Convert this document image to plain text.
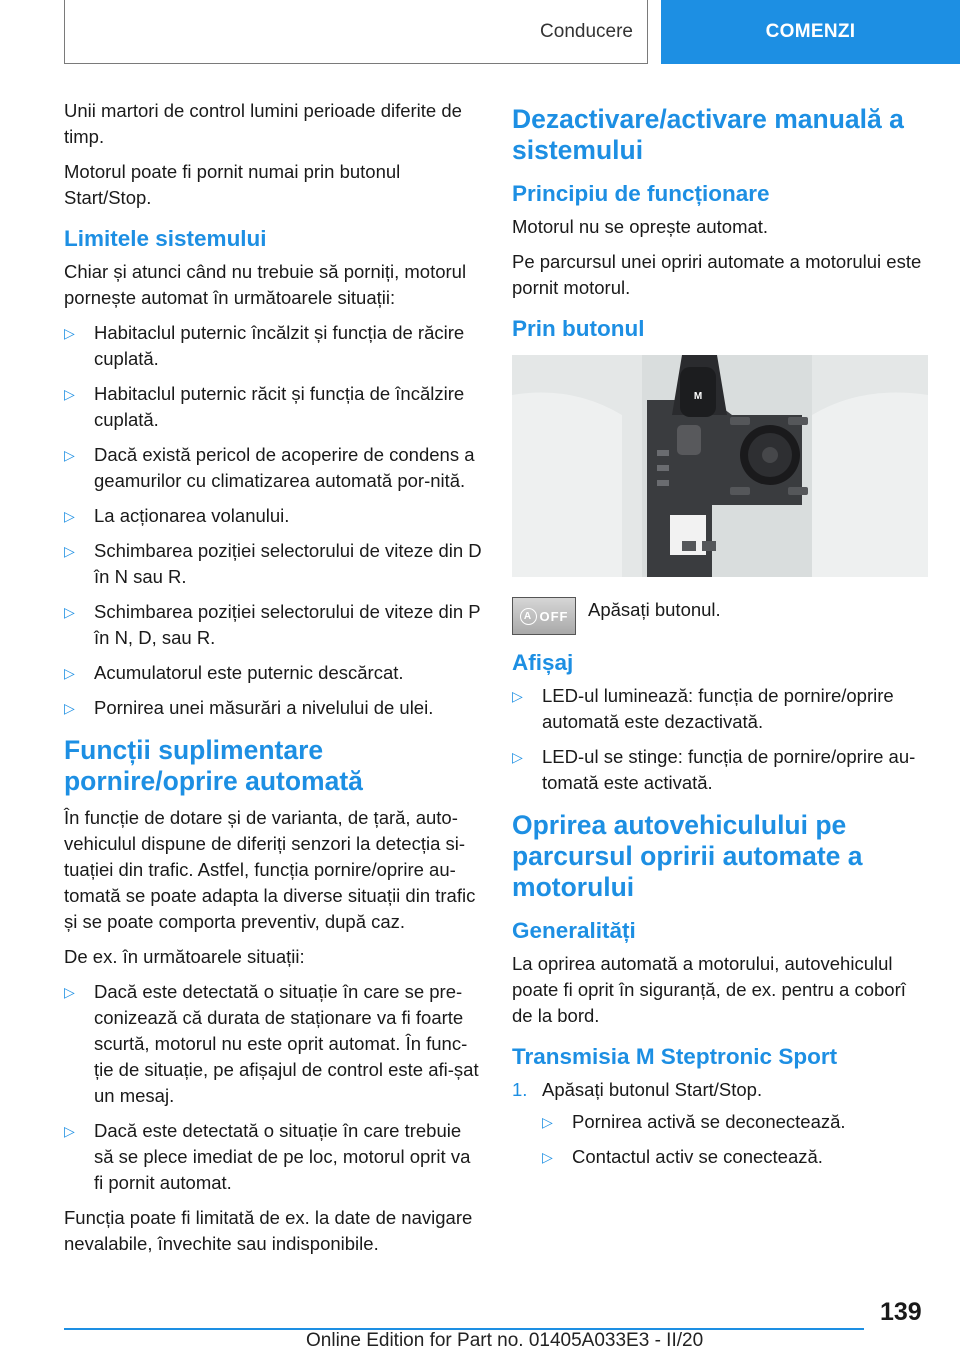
Conducere	COMENZI

Unii martori de control lumini perioade diferite de timp.

Motorul poate fi pornit numai prin butonul Start/Stop.

Limitele sistemului

Chiar și atunci când nu trebuie să porniți, motorul pornește automat în următoarele situații:

▷ Habitaclul puternic încălzit și funcția de răcire cuplată.
▷ Habitaclul puternic răcit și funcția de încălzire cuplată.
▷ Dacă există pericol de acoperire de condens a geamurilor cu climatizarea automată por-nită.
▷ La acționarea volanului.
▷ Schimbarea poziției selectorului de viteze din D în N sau R.
▷ Schimbarea poziției selectorului de viteze din P în N, D, sau R.
▷ Acumulatorul este puternic descărcat.
▷ Pornirea unei măsurări a nivelului de ulei.
Funcții suplimentare pornire/oprire automată

În funcție de dotare și de varianta, de țară, auto-vehiculul dispune de diferiți senzori la detecția si-tuației din trafic. Astfel, funcția pornire/oprire au-tomată se poate adapta la diverse situații din trafic și se poate comporta preventiv, după caz.

De ex. în următoarele situații:

▷ Dacă este detectată o situație în care se pre-conizează că durata de staționare va fi foarte scurtă, motorul nu este oprit automat. În func-ție de situație, pe afișajul de control este afi-șat un mesaj.
▷ Dacă este detectată o situație în care trebuie să se plece imediat de pe loc, motorul oprit va fi pornit automat.

Funcția poate fi limitată de ex. la date de navigare nevalabile, învechite sau indisponibile.

Dezactivare/activare manuală a sistemului
Principiu de funcționare

Motorul nu se oprește automat.

Pe parcursul unei opriri automate a motorului este pornit motorul.

Prin butonul
M
A OFF Apăsați butonul.

Afișaj
▷ LED-ul luminează: funcția de pornire/oprire automată este dezactivată.
▷ LED-ul se stinge: funcția de pornire/oprire au-tomată este activată.
Oprirea autovehiculului pe parcursul opririi automate a motorului
Generalități

La oprirea automată a motorului, autovehiculul poate fi oprit în siguranță, de ex. pentru a coborî de la bord.

Transmisia M Steptronic Sport
1. Apăsați butonul Start/Stop.
▷ Pornirea activă se deconectează.
▷ Contactul activ se conectează.
139
Online Edition for Part no. 01405A033E3 - II/20
